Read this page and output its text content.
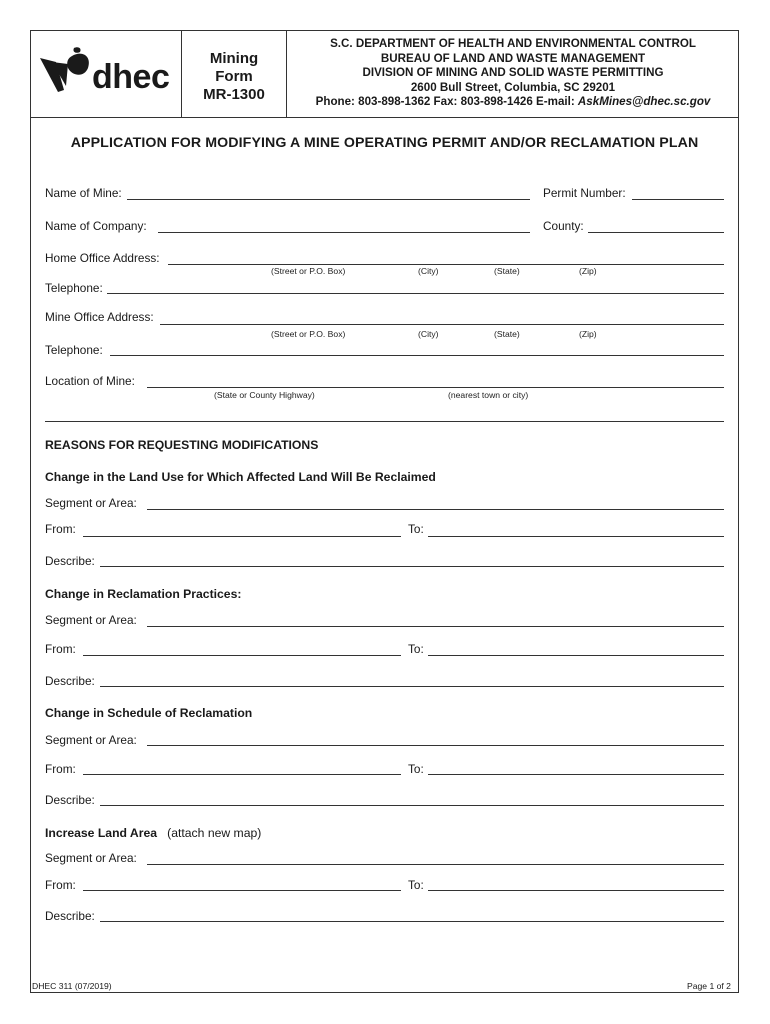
dhec	Mining
Form
MR-1300
S.C. DEPARTMENT OF HEALTH AND ENVIRONMENTAL CONTROL
BUREAU OF LAND AND WASTE MANAGEMENT
DIVISION OF MINING AND SOLID WASTE PERMITTING
2600 Bull Street, Columbia, SC 29201
Phone: 803-898-1362 Fax: 803-898-1426 E-mail: AskMines@dhec.sc.gov
APPLICATION FOR MODIFYING A MINE OPERATING PERMIT AND/OR RECLAMATION PLAN
Name of Mine:	Permit Number:
Name of Company:	County:
Home Office Address:
(Street or P.O. Box)	(City)	(State)	(Zip)
Telephone:
Mine Office Address:
(Street or P.O. Box)	(City)	(State)	(Zip)
Telephone:
Location of Mine:
(State or County Highway)	(nearest town or city)
REASONS FOR REQUESTING MODIFICATIONS
Change in the Land Use for Which Affected Land Will Be Reclaimed
Segment or Area:
From:	To:
Describe:
Change in Reclamation Practices:
Segment or Area:
From:	To:
Describe:
Change in Schedule of Reclamation
Segment or Area:
From:	To:
Describe:
Increase Land Area (attach new map)
Segment or Area:
From:	To:
Describe:
DHEC 311 (07/2019)	Page 1 of 2
